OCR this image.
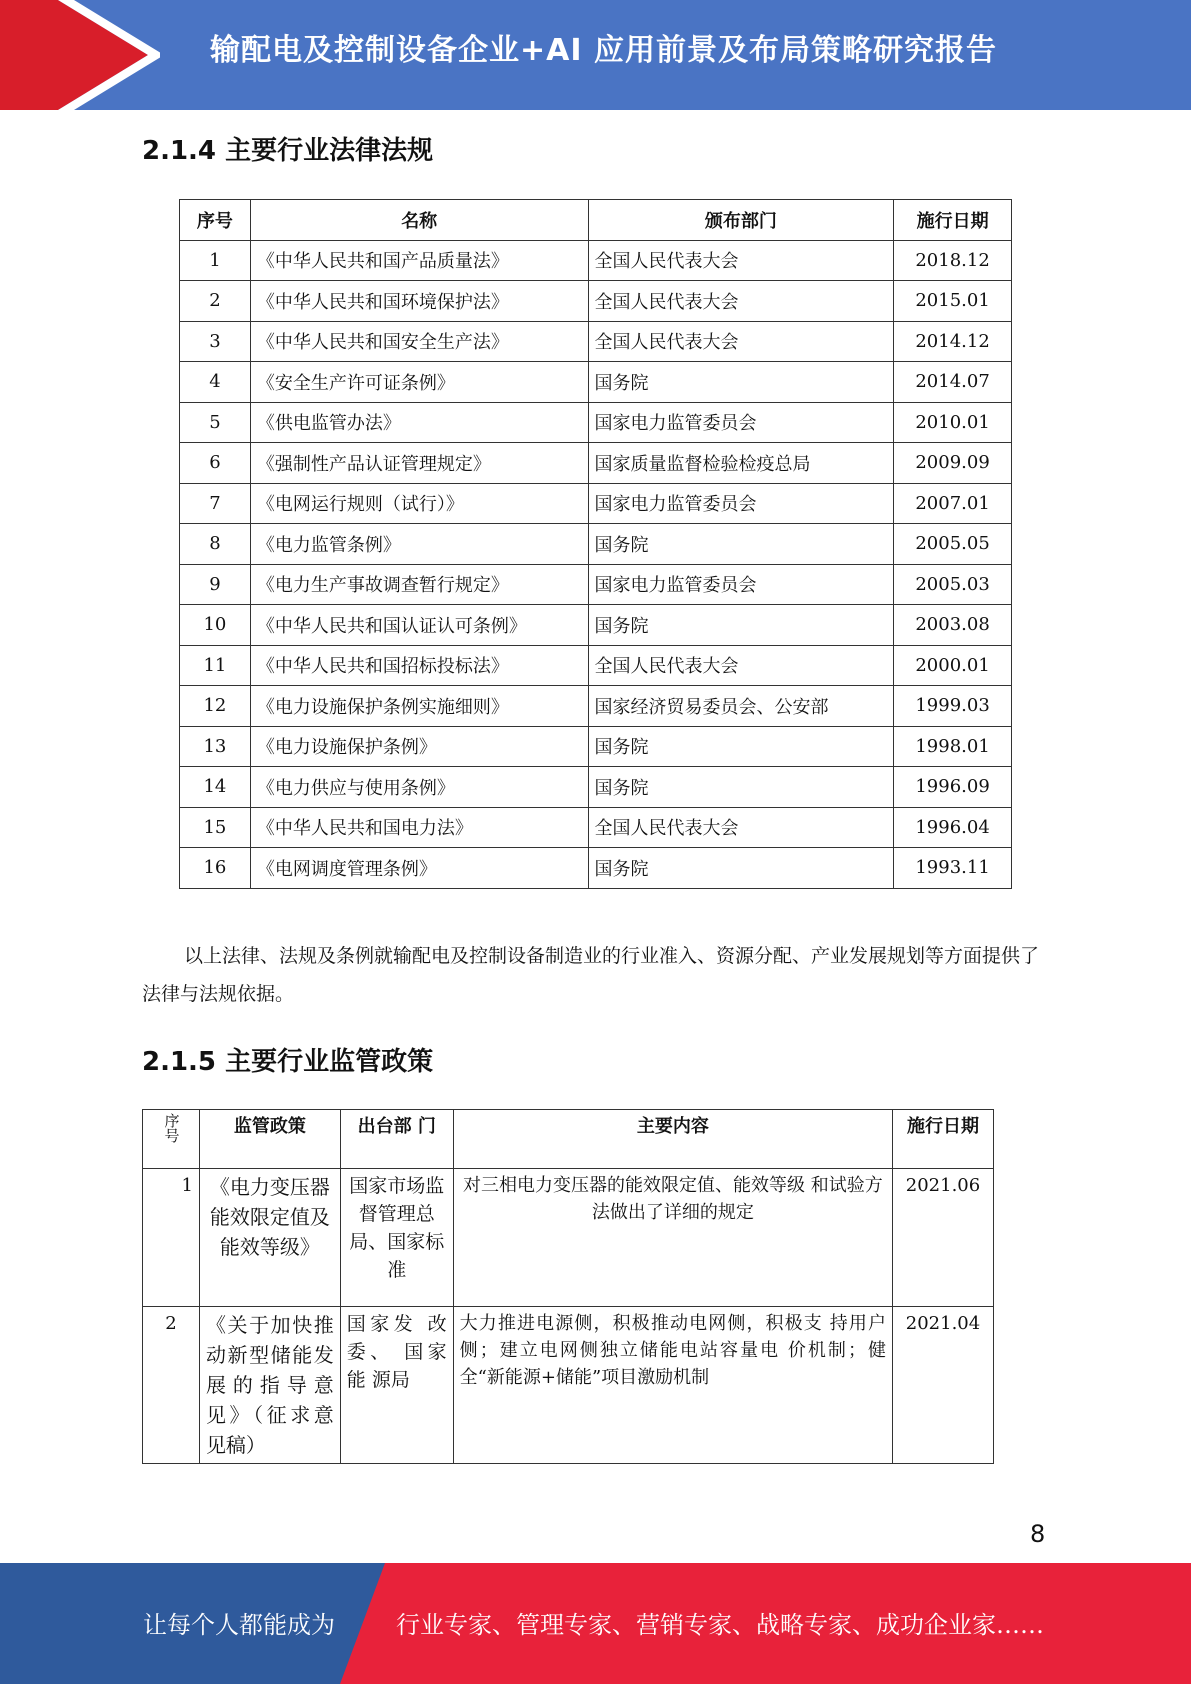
输配电及控制设备企业+AI 应用前景及布局策略研究报告
2.1.4 主要行业法律法规
序号	名称	颁布部门	施行日期
1	《中华人民共和国产品质量法》	全国人民代表大会	2018.12
2	《中华人民共和国环境保护法》	全国人民代表大会	2015.01
3	《中华人民共和国安全生产法》	全国人民代表大会	2014.12
4	《安全生产许可证条例》	国务院	2014.07
5	《供电监管办法》	国家电力监管委员会	2010.01
6	《强制性产品认证管理规定》	国家质量监督检验检疫总局	2009.09
7	《电网运行规则（试行）》	国家电力监管委员会	2007.01
8	《电力监管条例》	国务院	2005.05
9	《电力生产事故调查暂行规定》	国家电力监管委员会	2005.03
10	《中华人民共和国认证认可条例》	国务院	2003.08
11	《中华人民共和国招标投标法》	全国人民代表大会	2000.01
12	《电力设施保护条例实施细则》	国家经济贸易委员会、公安部	1999.03
13	《电力设施保护条例》	国务院	1998.01
14	《电力供应与使用条例》	国务院	1996.09
15	《中华人民共和国电力法》	全国人民代表大会	1996.04
16	《电网调度管理条例》	国务院	1993.11
以上法律、法规及条例就输配电及控制设备制造业的行业准入、资源分配、产业发展规划等方面提供了法律与法规依据。
2.1.5 主要行业监管政策
序号	监管政策	出台部 门	主要内容	施行日期
1	《电力变压器能效限定值及能效等级》	国家市场监督管理总局、国家标准	对三相电力变压器的能效限定值、能效等级 和试验方法做出了详细的规定	2021.06
2	《关于加快推动新型储能发展的指导意见》（征求意见稿）	国家发 改委、 国家能 源局	大力推进电源侧，积极推动电网侧，积极支 持用户侧；建立电网侧独立储能电站容量电 价机制；健全“新能源+储能”项目激励机制	2021.04
8
让每个人都能成为	行业专家、管理专家、营销专家、战略专家、成功企业家……
